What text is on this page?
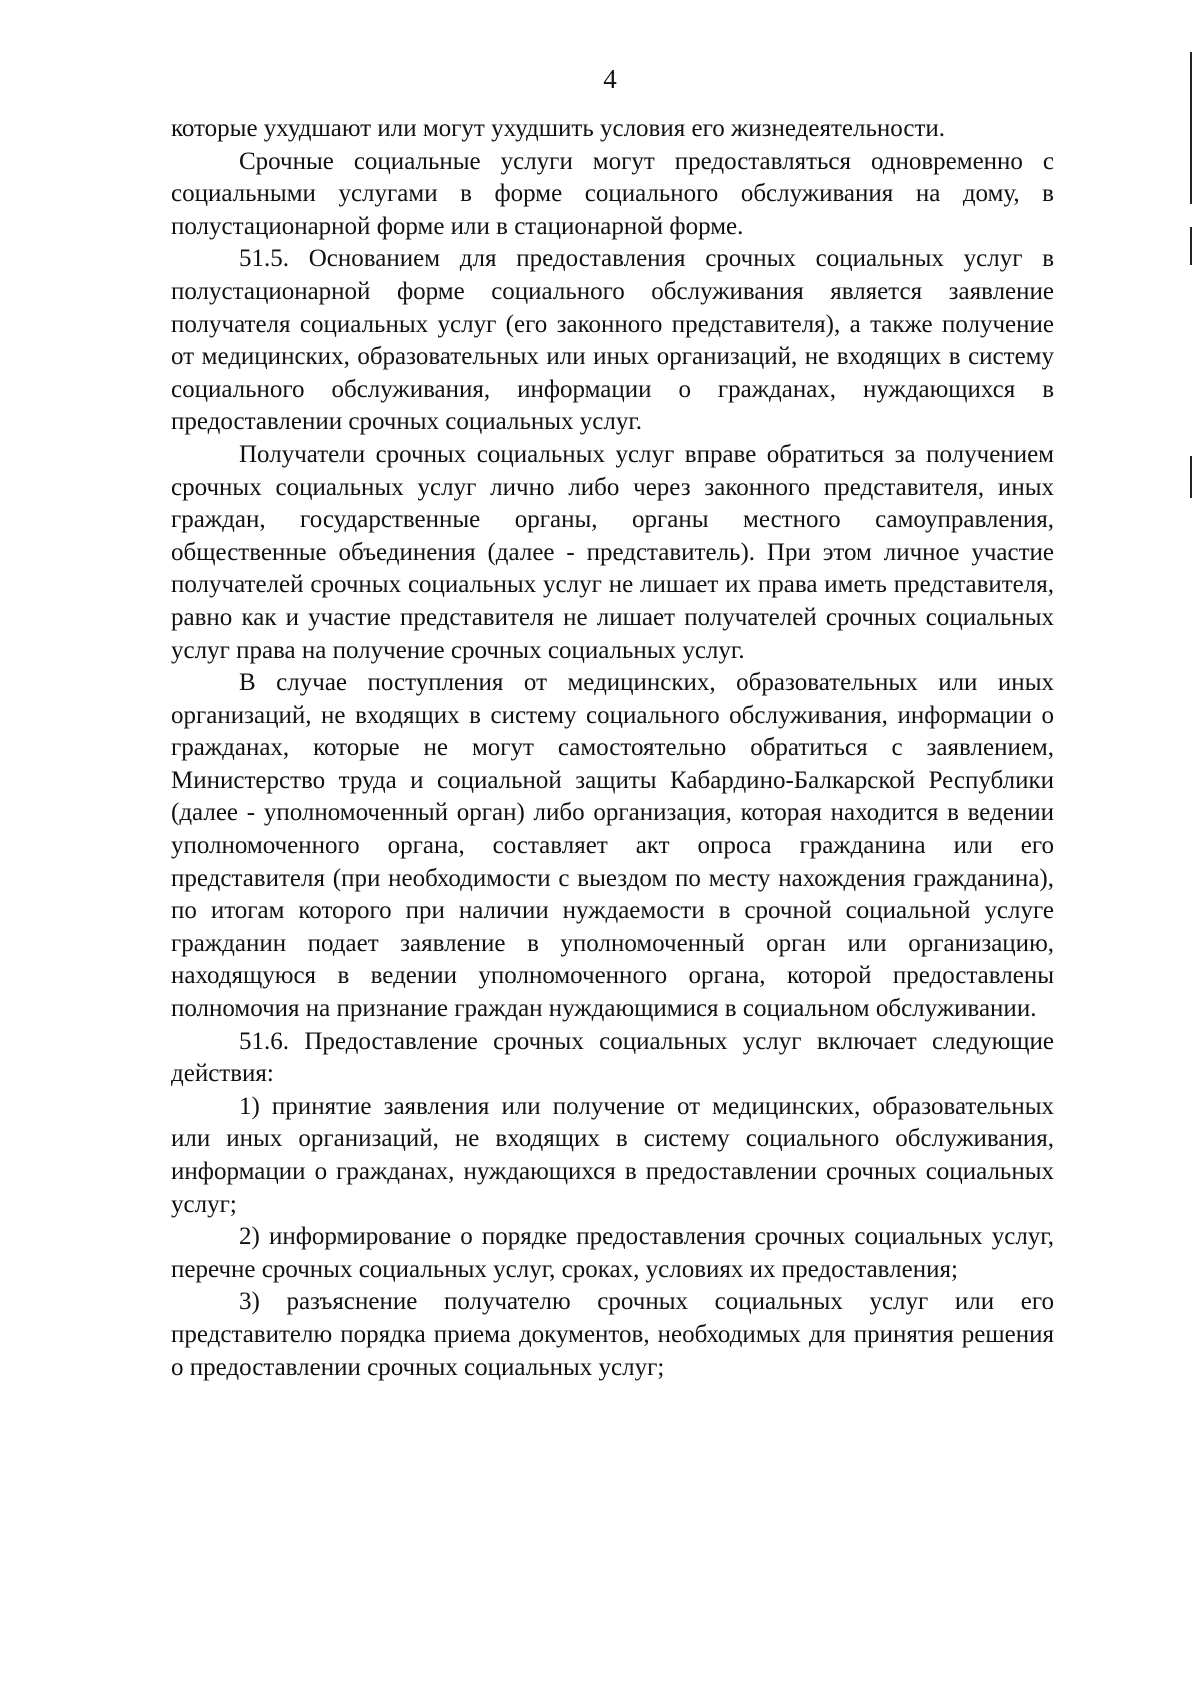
4

которые ухудшают или могут ухудшить условия его жизнедеятельности.

Срочные социальные услуги могут предоставляться одновременно с социальными услугами в форме социального обслуживания на дому, в полустационарной форме или в стационарной форме.

51.5. Основанием для предоставления срочных социальных услуг в полустационарной форме социального обслуживания является заявление получателя социальных услуг (его законного представителя), а также получение от медицинских, образовательных или иных организаций, не входящих в систему социального обслуживания, информации о гражданах, нуждающихся в предоставлении срочных социальных услуг.

Получатели срочных социальных услуг вправе обратиться за получением срочных социальных услуг лично либо через законного представителя, иных граждан, государственные органы, органы местного самоуправления, общественные объединения (далее - представитель). При этом личное участие получателей срочных социальных услуг не лишает их права иметь представителя, равно как и участие представителя не лишает получателей срочных социальных услуг права на получение срочных социальных услуг.

В случае поступления от медицинских, образовательных или иных организаций, не входящих в систему социального обслуживания, информации о гражданах, которые не могут самостоятельно обратиться с заявлением, Министерство труда и социальной защиты Кабардино-Балкарской Республики (далее - уполномоченный орган) либо организация, которая находится в ведении уполномоченного органа, составляет акт опроса гражданина или его представителя (при необходимости с выездом по месту нахождения гражданина), по итогам которого при наличии нуждаемости в срочной социальной услуге гражданин подает заявление в уполномоченный орган или организацию, находящуюся в ведении уполномоченного органа, которой предоставлены полномочия на признание граждан нуждающимися в социальном обслуживании.

51.6. Предоставление срочных социальных услуг включает следующие действия:

1) принятие заявления или получение от медицинских, образовательных или иных организаций, не входящих в систему социального обслуживания, информации о гражданах, нуждающихся в предоставлении срочных социальных услуг;

2) информирование о порядке предоставления срочных социальных услуг, перечне срочных социальных услуг, сроках, условиях их предоставления;

3) разъяснение получателю срочных социальных услуг или его представителю порядка приема документов, необходимых для принятия решения о предоставлении срочных социальных услуг;
